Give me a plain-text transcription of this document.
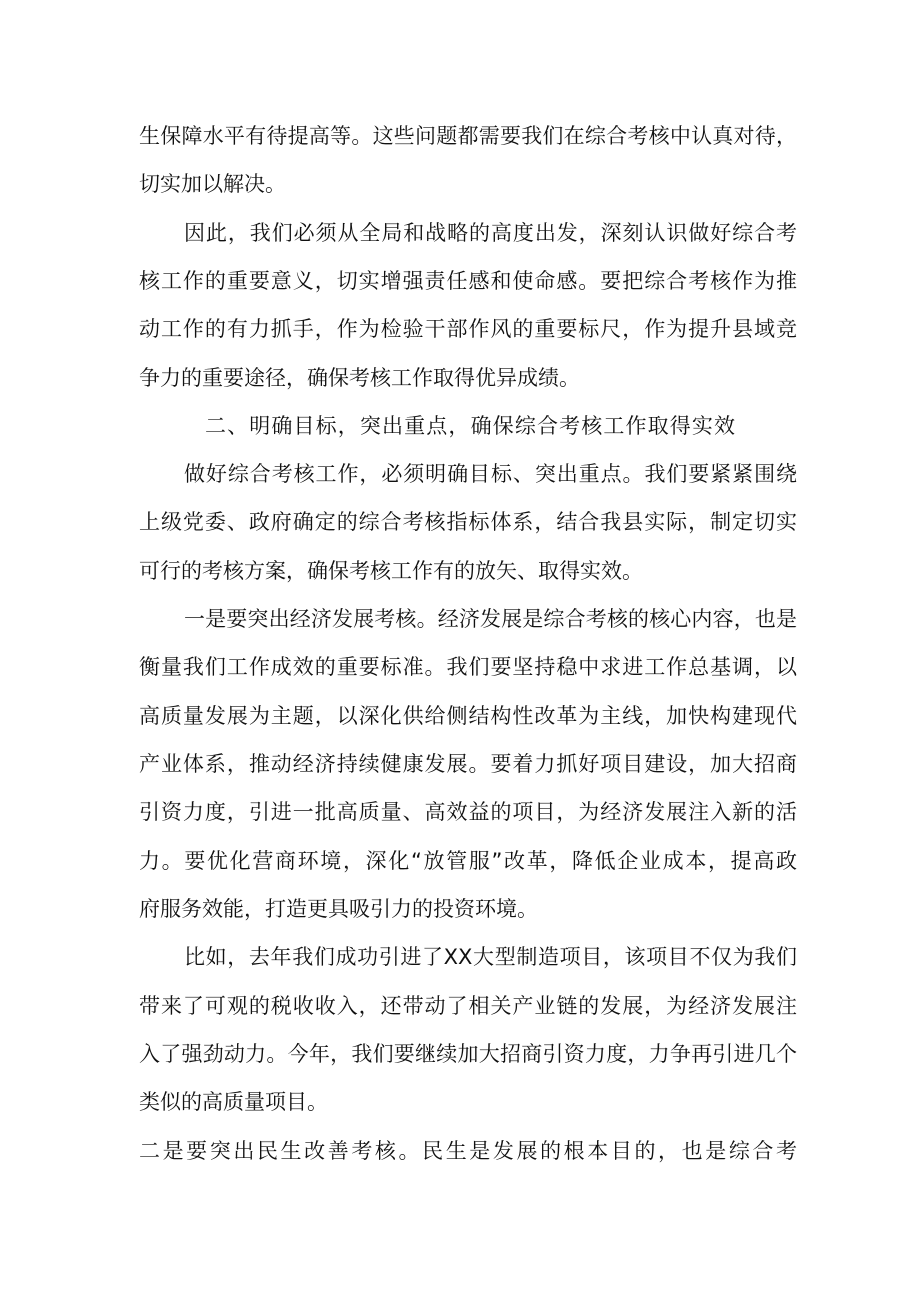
生保障水平有待提高等。这些问题都需要我们在综合考核中认真对待，
切实加以解决。
因此，我们必须从全局和战略的高度出发，深刻认识做好综合考
核工作的重要意义，切实增强责任感和使命感。要把综合考核作为推
动工作的有力抓手，作为检验干部作风的重要标尺，作为提升县域竞
争力的重要途径，确保考核工作取得优异成绩。
二、明确目标，突出重点，确保综合考核工作取得实效
做好综合考核工作，必须明确目标、突出重点。我们要紧紧围绕
上级党委、政府确定的综合考核指标体系，结合我县实际，制定切实
可行的考核方案，确保考核工作有的放矢、取得实效。
一是要突出经济发展考核。经济发展是综合考核的核心内容，也是
衡量我们工作成效的重要标准。我们要坚持稳中求进工作总基调，以
高质量发展为主题，以深化供给侧结构性改革为主线，加快构建现代
产业体系，推动经济持续健康发展。要着力抓好项目建设，加大招商
引资力度，引进一批高质量、高效益的项目，为经济发展注入新的活
力。要优化营商环境，深化“放管服”改革，降低企业成本，提高政
府服务效能，打造更具吸引力的投资环境。
比如，去年我们成功引进了XX大型制造项目，该项目不仅为我们
带来了可观的税收收入，还带动了相关产业链的发展，为经济发展注
入了强劲动力。今年，我们要继续加大招商引资力度，力争再引进几个
类似的高质量项目。
二是要突出民生改善考核。民生是发展的根本目的，也是综合考
